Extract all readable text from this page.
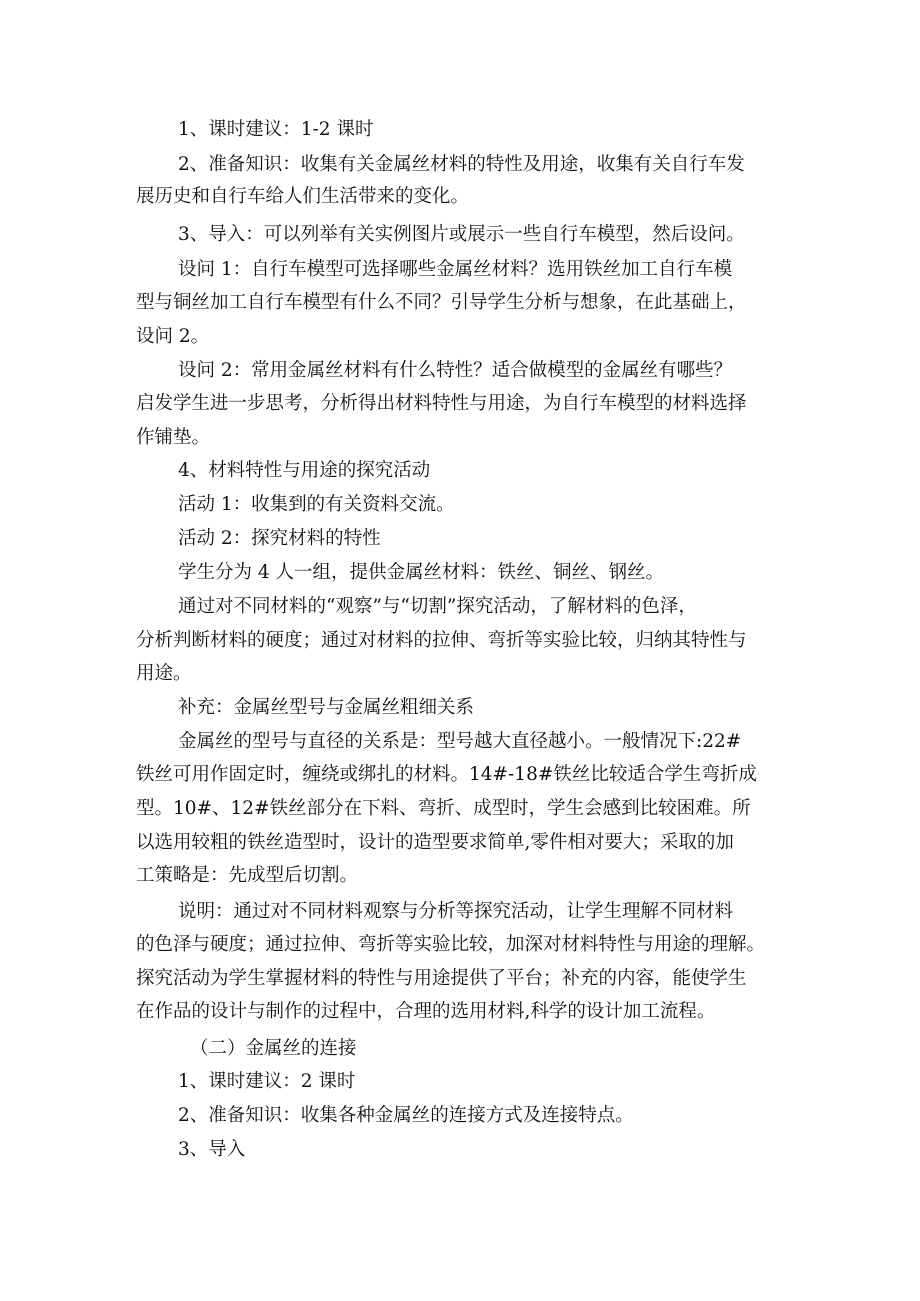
1、课时建议：1-2 课时
2、准备知识：收集有关金属丝材料的特性及用途，收集有关自行车发
展历史和自行车给人们生活带来的变化。
3、导入：可以列举有关实例图片或展示一些自行车模型，然后设问。
设问 1：自行车模型可选择哪些金属丝材料？选用铁丝加工自行车模
型与铜丝加工自行车模型有什么不同？引导学生分析与想象，在此基础上，
设问 2。
设问 2：常用金属丝材料有什么特性？适合做模型的金属丝有哪些？
启发学生进一步思考，分析得出材料特性与用途，为自行车模型的材料选择
作铺垫。
4、材料特性与用途的探究活动
活动 1：收集到的有关资料交流。
活动 2：探究材料的特性
学生分为 4 人一组，提供金属丝材料：铁丝、铜丝、钢丝。
通过对不同材料的“观察”与“切割”探究活动，了解材料的色泽，
分析判断材料的硬度；通过对材料的拉伸、弯折等实验比较，归纳其特性与
用途。
补充：金属丝型号与金属丝粗细关系
金属丝的型号与直径的关系是：型号越大直径越小。一般情况下:22#
铁丝可用作固定时，缠绕或绑扎的材料。14#-18#铁丝比较适合学生弯折成
型。10#、12#铁丝部分在下料、弯折、成型时，学生会感到比较困难。所
以选用较粗的铁丝造型时，设计的造型要求简单,零件相对要大；采取的加
工策略是：先成型后切割。
说明：通过对不同材料观察与分析等探究活动，让学生理解不同材料
的色泽与硬度；通过拉伸、弯折等实验比较，加深对材料特性与用途的理解。
探究活动为学生掌握材料的特性与用途提供了平台；补充的内容，能使学生
在作品的设计与制作的过程中，合理的选用材料,科学的设计加工流程。
（二）金属丝的连接
1、课时建议：2 课时
2、准备知识：收集各种金属丝的连接方式及连接特点。
3、导入
